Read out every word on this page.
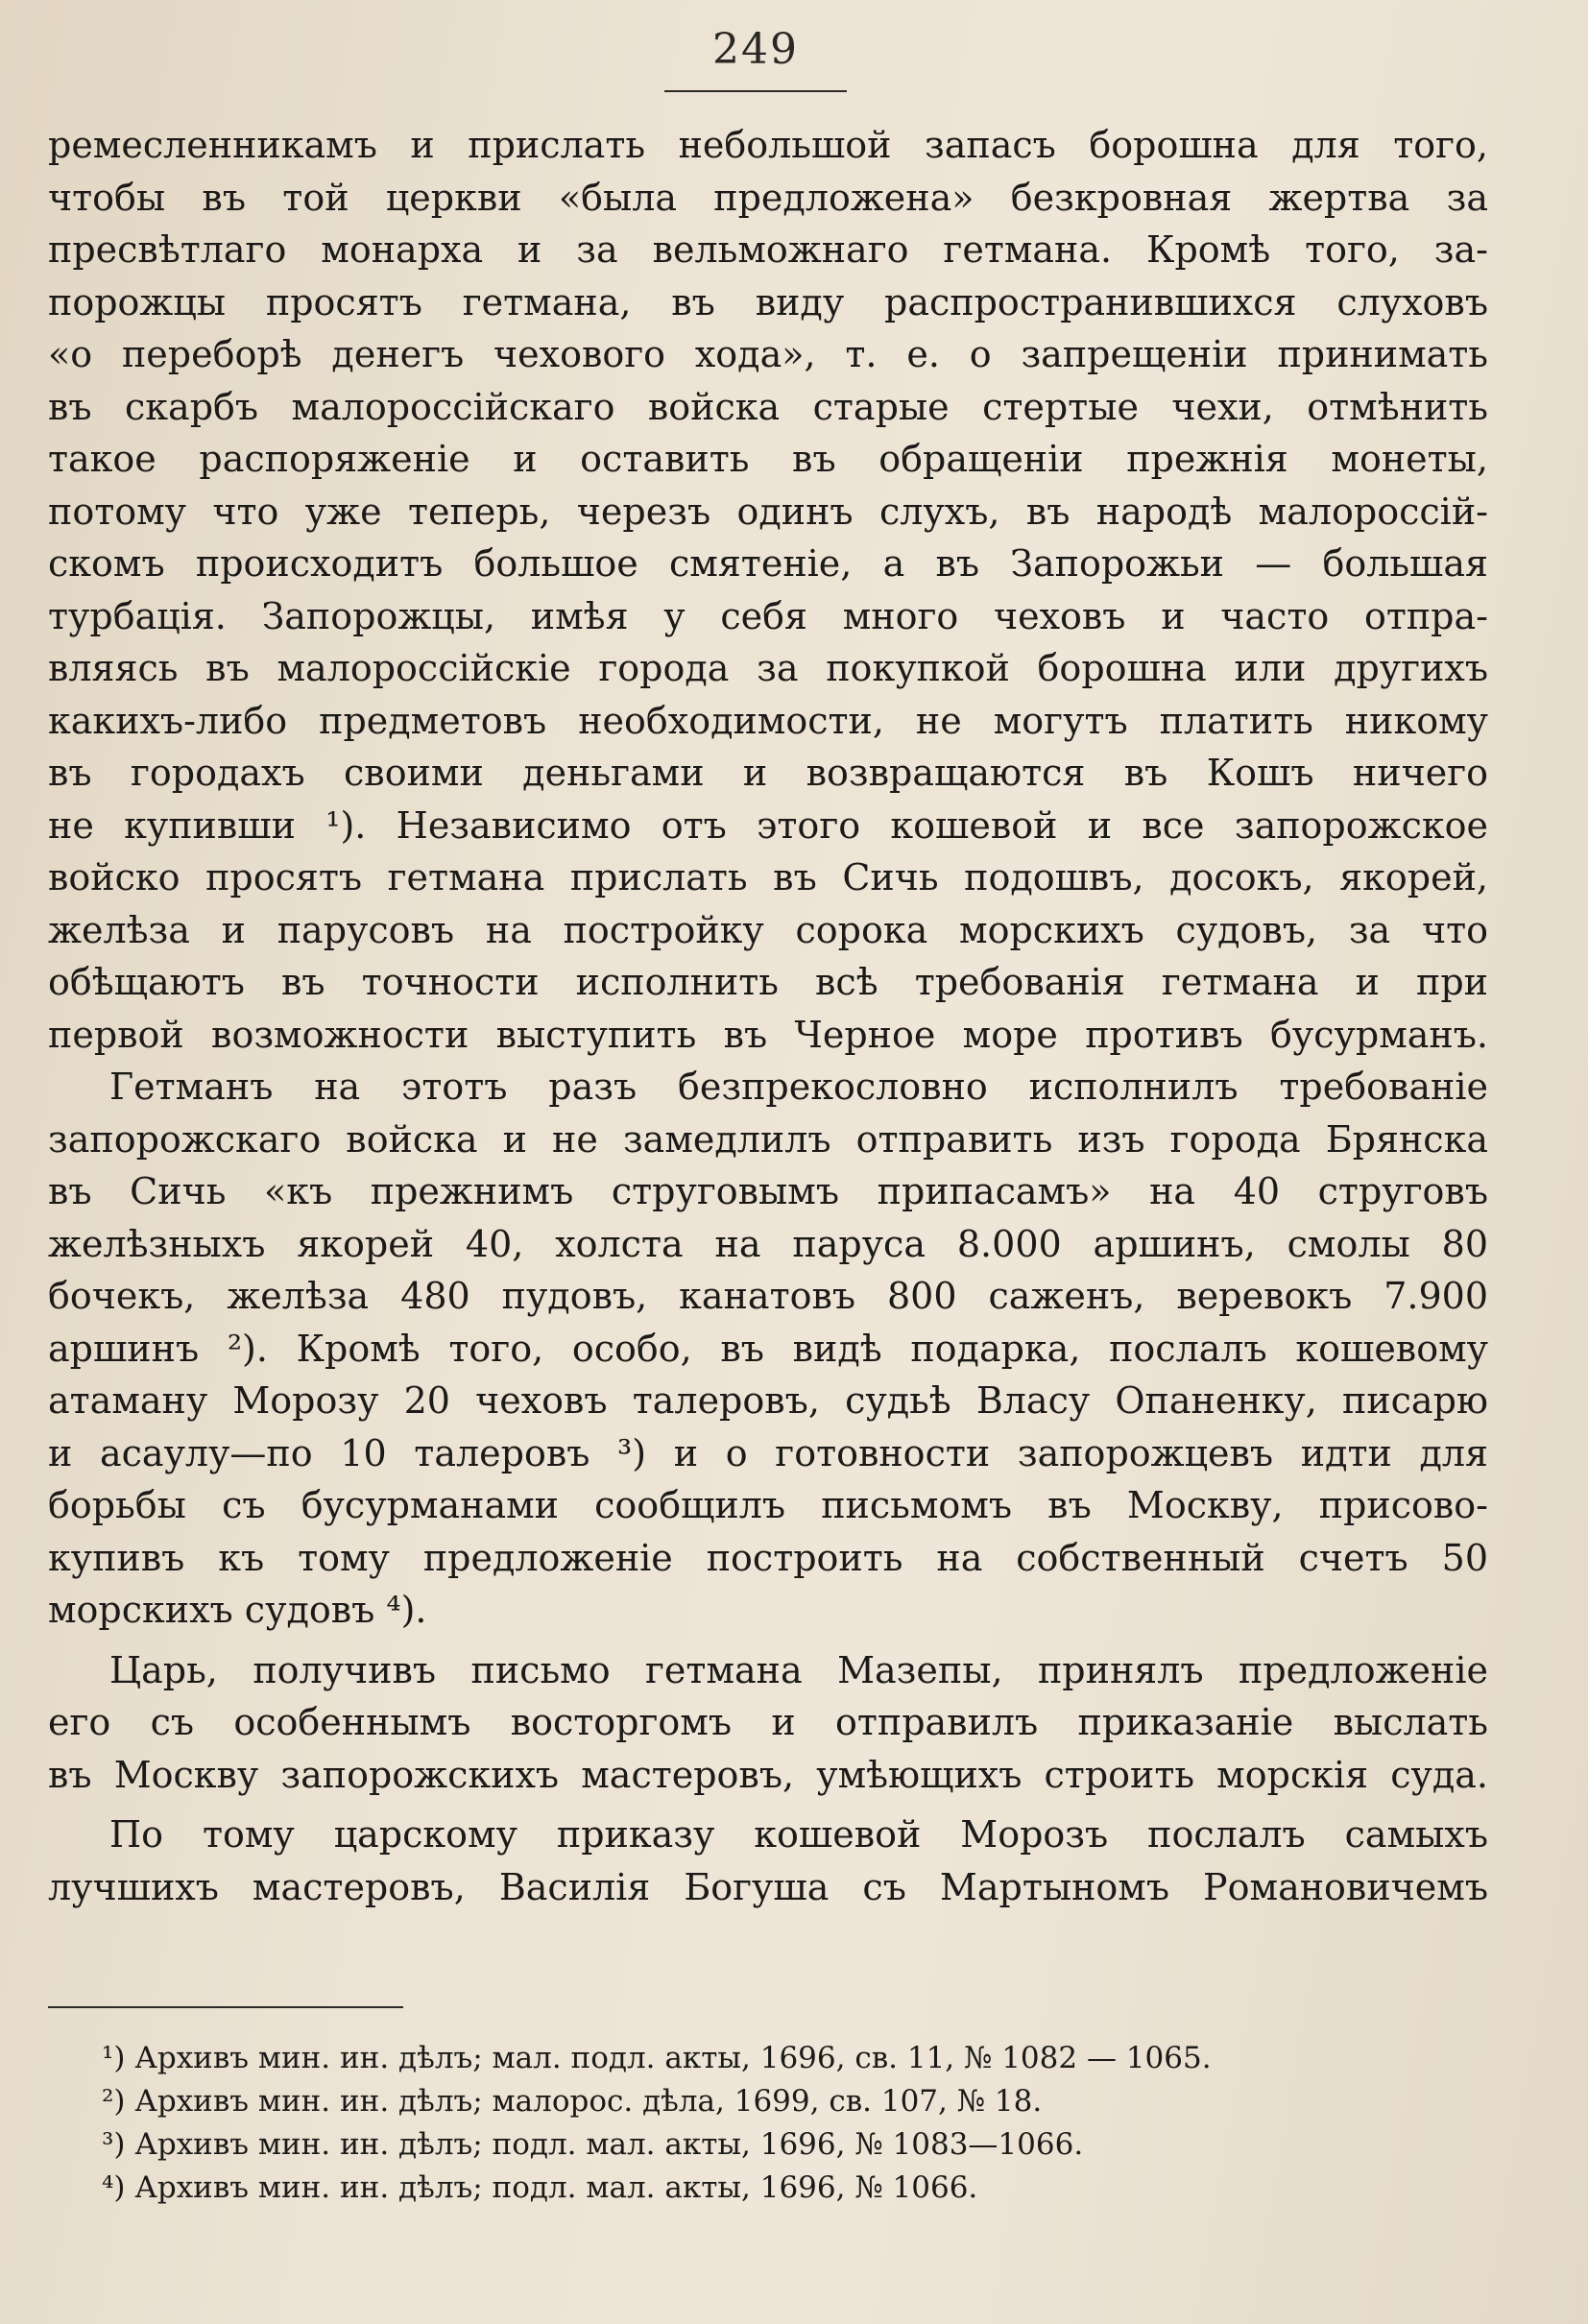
249
ремесленникамъ и прислать небольшой запасъ борошна для того,
чтобы въ той церкви «была предложена» безкровная жертва за
пресвѣтлаго монарха и за вельможнаго гетмана. Кромѣ того, за-
порожцы просятъ гетмана, въ виду распространившихся слуховъ
«о переборѣ денегъ чехового хода», т. е. о запрещеніи принимать
въ скарбъ малороссійскаго войска старые стертые чехи, отмѣнить
такое распоряженіе и оставить въ обращеніи прежнія монеты,
потому что уже теперь, черезъ одинъ слухъ, въ народѣ малороссій-
скомъ происходитъ большое смятеніе, а въ Запорожьи — большая
турбація. Запорожцы, имѣя у себя много чеховъ и часто отпра-
вляясь въ малороссійскіе города за покупкой борошна или другихъ
какихъ-либо предметовъ необходимости, не могутъ платить никому
въ городахъ своими деньгами и возвращаются въ Кошъ ничего
не купивши ¹). Независимо отъ этого кошевой и все запорожское
войско просятъ гетмана прислать въ Сичь подошвъ, досокъ, якорей,
желѣза и парусовъ на постройку сорока морскихъ судовъ, за что
обѣщаютъ въ точности исполнить всѣ требованія гетмана и при
первой возможности выступить въ Черное море противъ бусурманъ.
Гетманъ на этотъ разъ безпрекословно исполнилъ требованіе
запорожскаго войска и не замедлилъ отправить изъ города Брянска
въ Сичь «къ прежнимъ струговымъ припасамъ» на 40 струговъ
желѣзныхъ якорей 40, холста на паруса 8.000 аршинъ, смолы 80
бочекъ, желѣза 480 пудовъ, канатовъ 800 саженъ, веревокъ 7.900
аршинъ ²). Кромѣ того, особо, въ видѣ подарка, послалъ кошевому
атаману Морозу 20 чеховъ талеровъ, судьѣ Власу Опаненку, писарю
и асаулу—по 10 талеровъ ³) и о готовности запорожцевъ идти для
борьбы съ бусурманами сообщилъ письмомъ въ Москву, присово-
купивъ къ тому предложеніе построить на собственный счетъ 50
морскихъ судовъ ⁴).
Царь, получивъ письмо гетмана Мазепы, принялъ предложеніе
его съ особеннымъ восторгомъ и отправилъ приказаніе выслать
въ Москву запорожскихъ мастеровъ, умѣющихъ строить морскія суда.
По тому царскому приказу кошевой Морозъ послалъ самыхъ
лучшихъ мастеровъ, Василія Богуша съ Мартыномъ Романовичемъ
¹) Архивъ мин. ин. дѣлъ; мал. подл. акты, 1696, св. 11, № 1082 — 1065.
²) Архивъ мин. ин. дѣлъ; малорос. дѣла, 1699, св. 107, № 18.
³) Архивъ мин. ин. дѣлъ; подл. мал. акты, 1696, № 1083—1066.
⁴) Архивъ мин. ин. дѣлъ; подл. мал. акты, 1696, № 1066.
